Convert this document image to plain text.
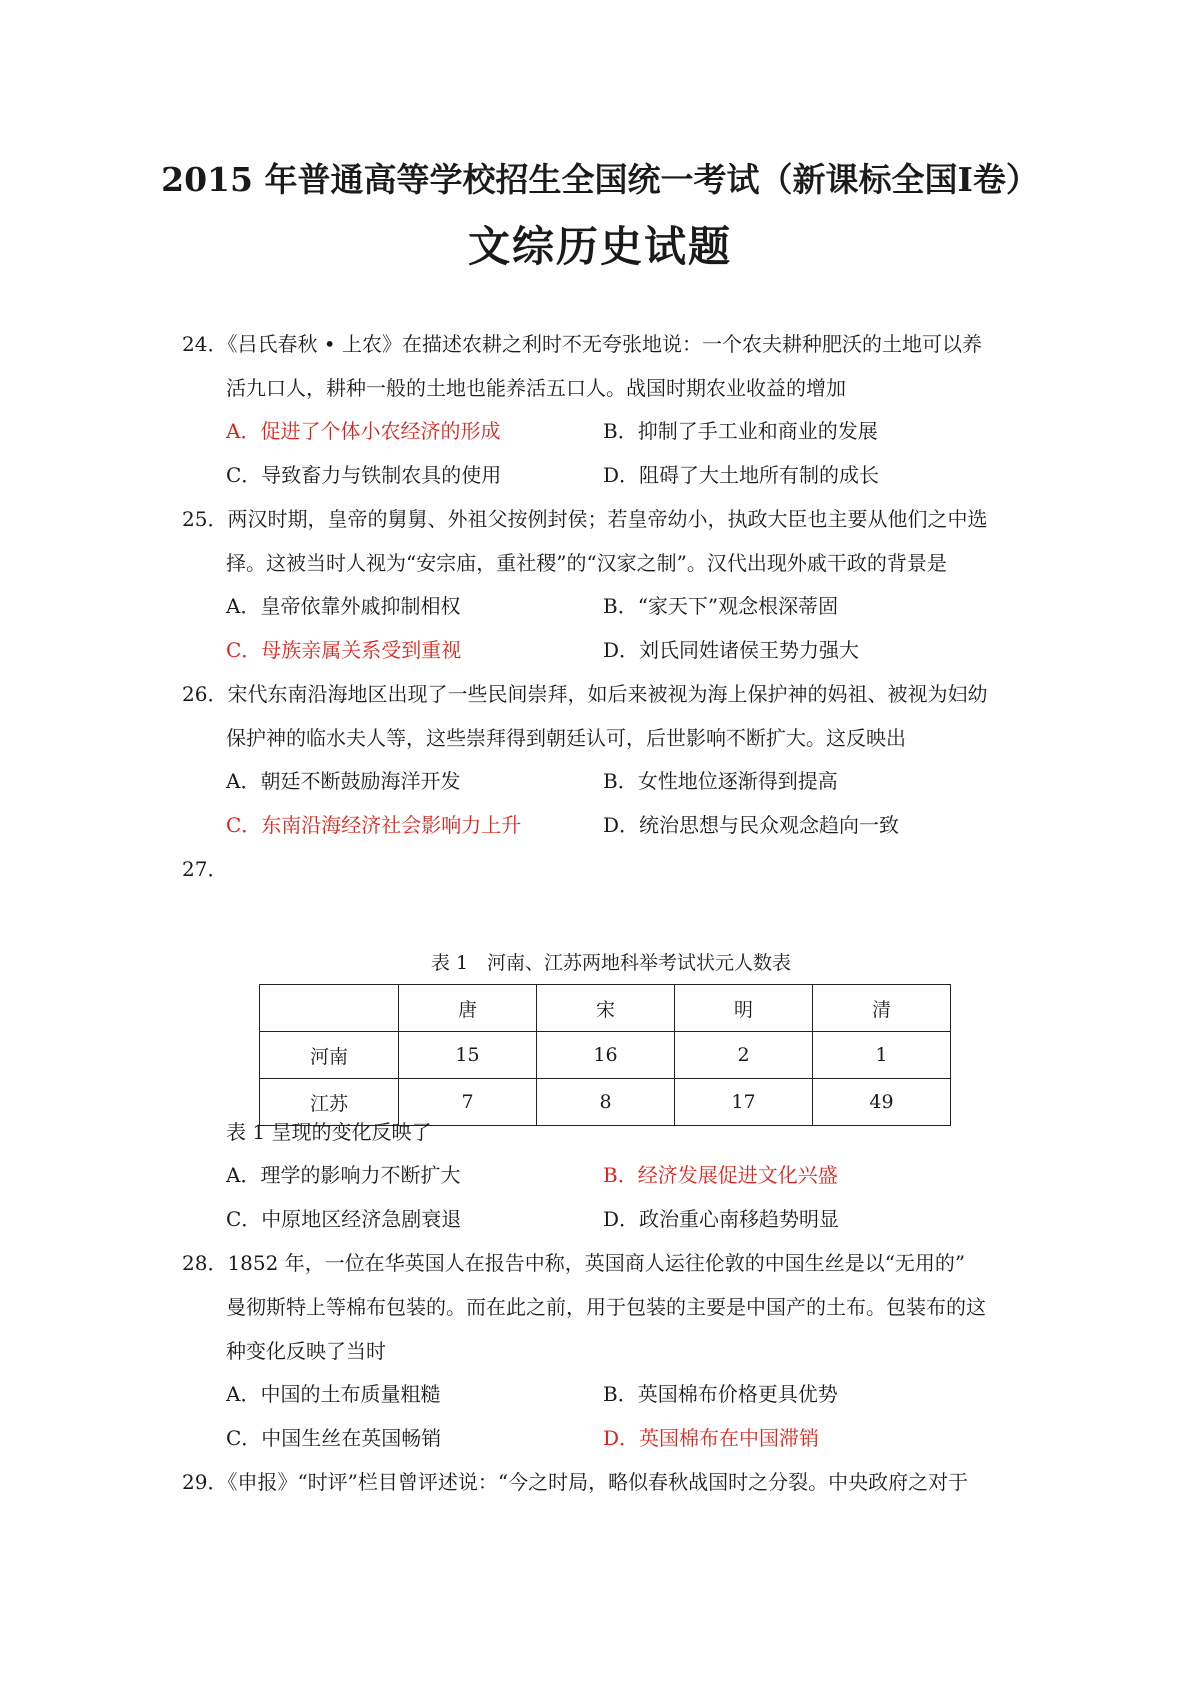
2015 年普通高等学校招生全国统一考试（新课标全国Ⅰ卷）
文综历史试题
24．《吕氏春秋 • 上农》在描述农耕之利时不无夸张地说：一个农夫耕种肥沃的土地可以养
活九口人，耕种一般的土地也能养活五口人。战国时期农业收益的增加
A．促进了个体小农经济的形成	B．抑制了手工业和商业的发展
C．导致畜力与铁制农具的使用	D．阻碍了大土地所有制的成长
25．两汉时期，皇帝的舅舅、外祖父按例封侯；若皇帝幼小，执政大臣也主要从他们之中选
择。这被当时人视为“安宗庙，重社稷”的“汉家之制”。汉代出现外戚干政的背景是
A．皇帝依靠外戚抑制相权	B．“家天下”观念根深蒂固
C．母族亲属关系受到重视	D．刘氏同姓诸侯王势力强大
26．宋代东南沿海地区出现了一些民间崇拜，如后来被视为海上保护神的妈祖、被视为妇幼
保护神的临水夫人等，这些崇拜得到朝廷认可，后世影响不断扩大。这反映出
A．朝廷不断鼓励海洋开发	B．女性地位逐渐得到提高
C．东南沿海经济社会影响力上升	D．统治思想与民众观念趋向一致
27．
表 1　河南、江苏两地科举考试状元人数表
	唐	宋	明	清
河南	15	16	2	1
江苏	7	8	17	49
表 1 呈现的变化反映了
A．理学的影响力不断扩大	B．经济发展促进文化兴盛
C．中原地区经济急剧衰退	D．政治重心南移趋势明显
28．1852 年，一位在华英国人在报告中称，英国商人运往伦敦的中国生丝是以“无用的”
曼彻斯特上等棉布包装的。而在此之前，用于包装的主要是中国产的土布。包装布的这
种变化反映了当时
A．中国的土布质量粗糙	B．英国棉布价格更具优势
C．中国生丝在英国畅销	D．英国棉布在中国滞销
29．《申报》“时评”栏目曾评述说：“今之时局，略似春秋战国时之分裂。中央政府之对于
